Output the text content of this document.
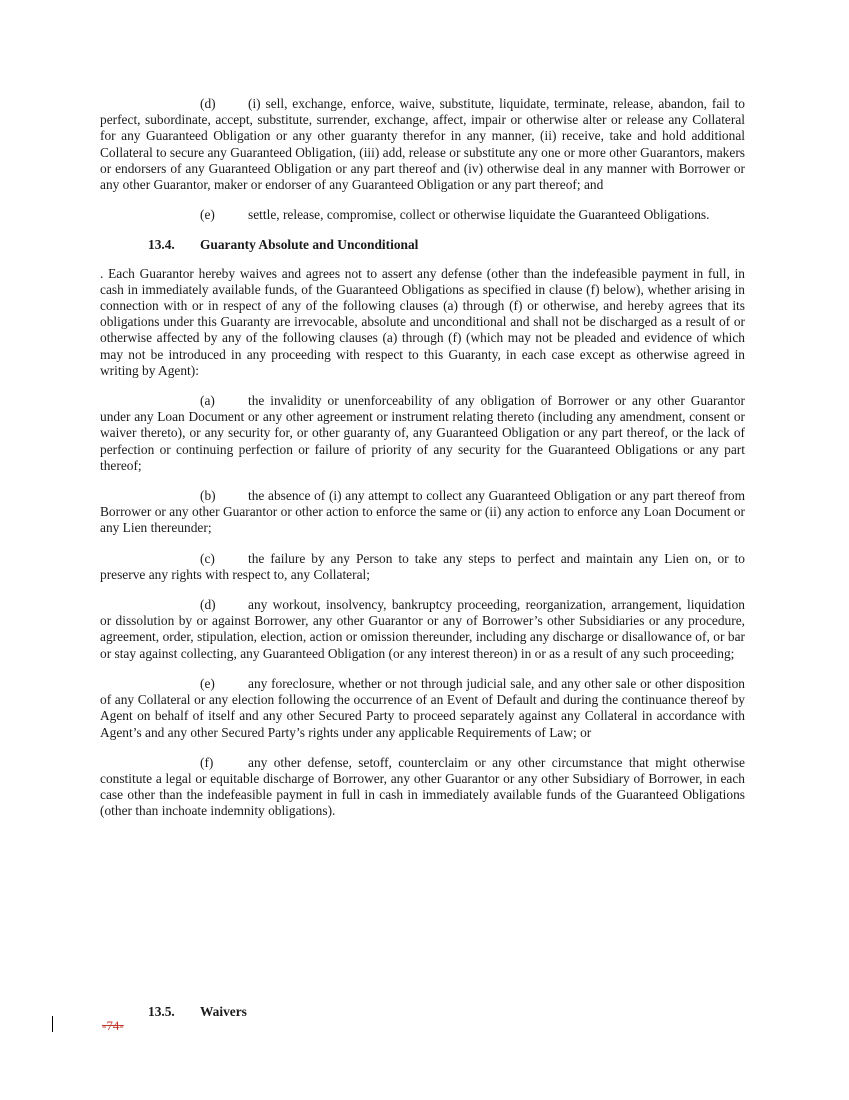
(d) (i) sell, exchange, enforce, waive, substitute, liquidate, terminate, release, abandon, fail to perfect, subordinate, accept, substitute, surrender, exchange, affect, impair or otherwise alter or release any Collateral for any Guaranteed Obligation or any other guaranty therefor in any manner, (ii) receive, take and hold additional Collateral to secure any Guaranteed Obligation, (iii) add, release or substitute any one or more other Guarantors, makers or endorsers of any Guaranteed Obligation or any part thereof and (iv) otherwise deal in any manner with Borrower or any other Guarantor, maker or endorser of any Guaranteed Obligation or any part thereof; and

(e) settle, release, compromise, collect or otherwise liquidate the Guaranteed Obligations.

13.4. Guaranty Absolute and Unconditional

. Each Guarantor hereby waives and agrees not to assert any defense (other than the indefeasible payment in full, in cash in immediately available funds, of the Guaranteed Obligations as specified in clause (f) below), whether arising in connection with or in respect of any of the following clauses (a) through (f) or otherwise, and hereby agrees that its obligations under this Guaranty are irrevocable, absolute and unconditional and shall not be discharged as a result of or otherwise affected by any of the following clauses (a) through (f) (which may not be pleaded and evidence of which may not be introduced in any proceeding with respect to this Guaranty, in each case except as otherwise agreed in writing by Agent):

(a) the invalidity or unenforceability of any obligation of Borrower or any other Guarantor under any Loan Document or any other agreement or instrument relating thereto (including any amendment, consent or waiver thereto), or any security for, or other guaranty of, any Guaranteed Obligation or any part thereof, or the lack of perfection or continuing perfection or failure of priority of any security for the Guaranteed Obligations or any part thereof;

(b) the absence of (i) any attempt to collect any Guaranteed Obligation or any part thereof from Borrower or any other Guarantor or other action to enforce the same or (ii) any action to enforce any Loan Document or any Lien thereunder;

(c) the failure by any Person to take any steps to perfect and maintain any Lien on, or to preserve any rights with respect to, any Collateral;

(d) any workout, insolvency, bankruptcy proceeding, reorganization, arrangement, liquidation or dissolution by or against Borrower, any other Guarantor or any of Borrower’s other Subsidiaries or any procedure, agreement, order, stipulation, election, action or omission thereunder, including any discharge or disallowance of, or bar or stay against collecting, any Guaranteed Obligation (or any interest thereon) in or as a result of any such proceeding;

(e) any foreclosure, whether or not through judicial sale, and any other sale or other disposition of any Collateral or any election following the occurrence of an Event of Default and during the continuance thereof by Agent on behalf of itself and any other Secured Party to proceed separately against any Collateral in accordance with Agent’s and any other Secured Party’s rights under any applicable Requirements of Law; or

(f)	any other defense, setoff, counterclaim or any other circumstance that might otherwise constitute a legal or equitable discharge of Borrower, any other Guarantor or any other Subsidiary of Borrower, in each case other than the indefeasible payment in full in cash in immediately available funds of the Guaranteed Obligations (other than inchoate indemnity obligations).

13.5. Waivers
-74-
